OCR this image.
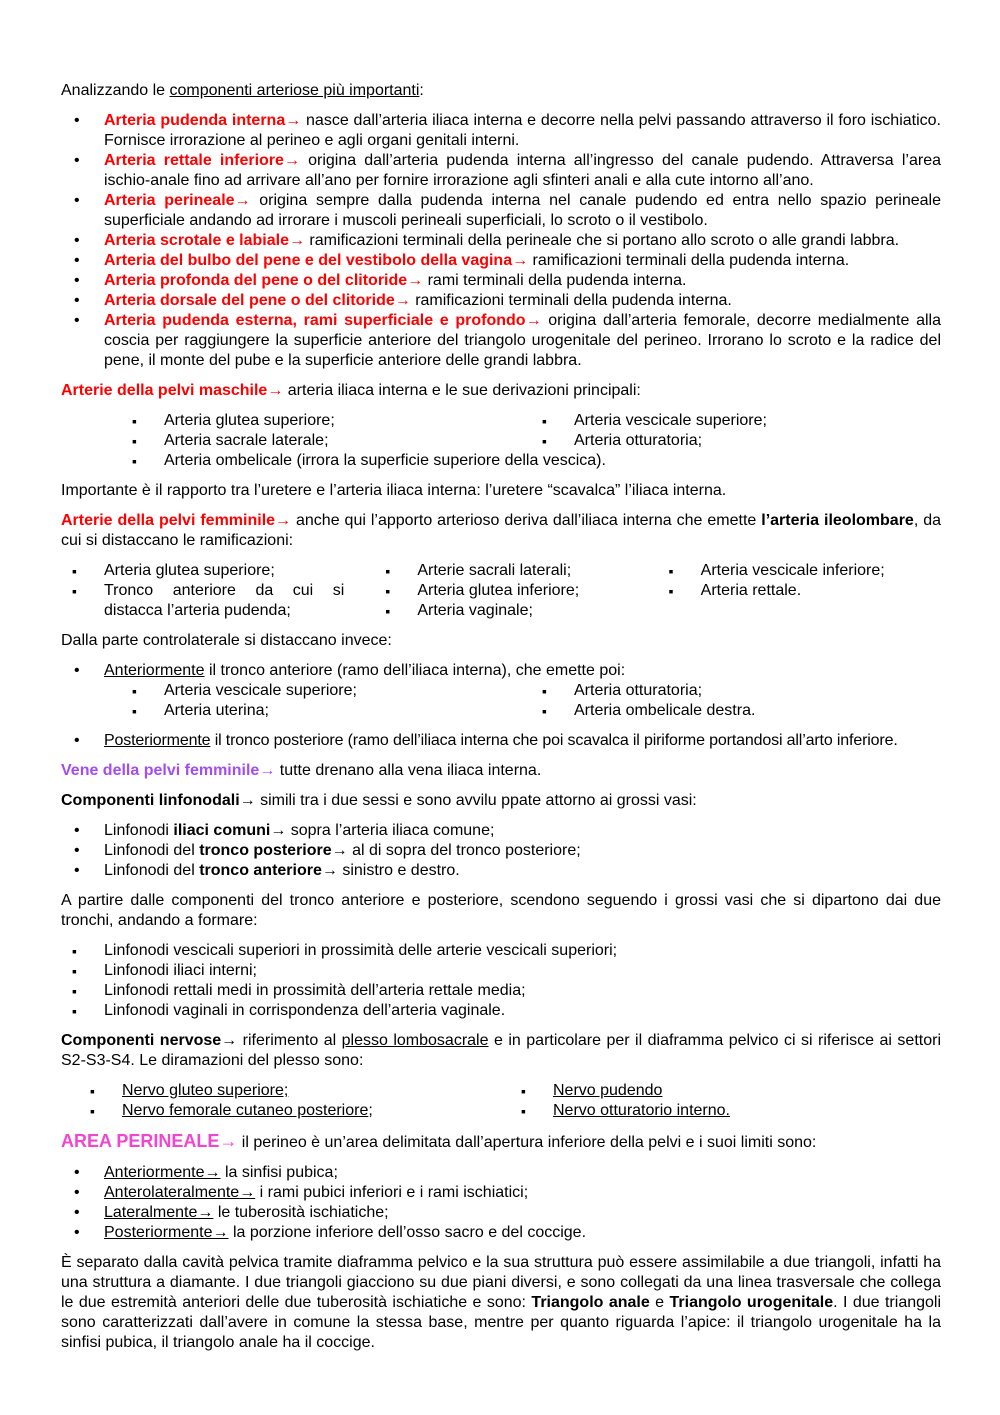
Analizzando le componenti arteriose più importanti:

• Arteria pudenda interna→ nasce dall’arteria iliaca interna e decorre nella pelvi passando attraverso il foro ischiatico. Fornisce irrorazione al perineo e agli organi genitali interni.
• Arteria rettale inferiore→ origina dall’arteria pudenda interna all’ingresso del canale pudendo. Attraversa l’area ischio-anale fino ad arrivare all’ano per fornire irrorazione agli sfinteri anali e alla cute intorno all’ano.
• Arteria perineale→ origina sempre dalla pudenda interna nel canale pudendo ed entra nello spazio perineale superficiale andando ad irrorare i muscoli perineali superficiali, lo scroto o il vestibolo.
• Arteria scrotale e labiale→ ramificazioni terminali della perineale che si portano allo scroto o alle grandi labbra.
• Arteria del bulbo del pene e del vestibolo della vagina→ ramificazioni terminali della pudenda interna.
• Arteria profonda del pene o del clitoride→ rami terminali della pudenda interna.
• Arteria dorsale del pene o del clitoride→ ramificazioni terminali della pudenda interna.
• Arteria pudenda esterna, rami superficiale e profondo→ origina dall’arteria femorale, decorre medialmente alla coscia per raggiungere la superficie anteriore del triangolo urogenitale del perineo. Irrorano lo scroto e la radice del pene, il monte del pube e la superficie anteriore delle grandi labbra.

Arterie della pelvi maschile→ arteria iliaca interna e le sue derivazioni principali:

▪ Arteria glutea superiore;
▪ Arteria sacrale laterale;
▪ Arteria vescicale superiore;
▪ Arteria otturatoria;
▪ Arteria ombelicale (irrora la superficie superiore della vescica).

Importante è il rapporto tra l’uretere e l’arteria iliaca interna: l’uretere “scavalca” l’iliaca interna.

Arterie della pelvi femminile→ anche qui l’apporto arterioso deriva dall’iliaca interna che emette l’arteria ileolombare, da cui si distaccano le ramificazioni:

▪ Arteria glutea superiore;
▪ Tronco anteriore da cui si distacca l’arteria pudenda;
▪ Arterie sacrali laterali;
▪ Arteria glutea inferiore;
▪ Arteria vaginale;
▪ Arteria vescicale inferiore;
▪ Arteria rettale.

Dalla parte controlaterale si distaccano invece:

• Anteriormente il tronco anteriore (ramo dell’iliaca interna), che emette poi:
▪ Arteria vescicale superiore;
▪ Arteria uterina;
▪ Arteria otturatoria;
▪ Arteria ombelicale destra.
• Posteriormente il tronco posteriore (ramo dell’iliaca interna che poi scavalca il piriforme portandosi all’arto inferiore.

Vene della pelvi femminile→ tutte drenano alla vena iliaca interna.

Componenti linfonodali→ simili tra i due sessi e sono avvilu ppate attorno ai grossi vasi:

• Linfonodi iliaci comuni→ sopra l’arteria iliaca comune;
• Linfonodi del tronco posteriore→ al di sopra del tronco posteriore;
• Linfonodi del tronco anteriore→ sinistro e destro.

A partire dalle componenti del tronco anteriore e posteriore, scendono seguendo i grossi vasi che si dipartono dai due tronchi, andando a formare:

▪ Linfonodi vescicali superiori in prossimità delle arterie vescicali superiori;
▪ Linfonodi iliaci interni;
▪ Linfonodi rettali medi in prossimità dell’arteria rettale media;
▪ Linfonodi vaginali in corrispondenza dell’arteria vaginale.

Componenti nervose→ riferimento al plesso lombosacrale e in particolare per il diaframma pelvico ci si riferisce ai settori S2-S3-S4. Le diramazioni del plesso sono:

▪ Nervo gluteo superiore;
▪ Nervo femorale cutaneo posteriore;
▪ Nervo pudendo
▪ Nervo otturatorio interno.

AREA PERINEALE→ il perineo è un’area delimitata dall’apertura inferiore della pelvi e i suoi limiti sono:

• Anteriormente→ la sinfisi pubica;
• Anterolateralmente→ i rami pubici inferiori e i rami ischiatici;
• Lateralmente→ le tuberosità ischiatiche;
• Posteriormente→ la porzione inferiore dell’osso sacro e del coccige.

È separato dalla cavità pelvica tramite diaframma pelvico e la sua struttura può essere assimilabile a due triangoli, infatti ha una struttura a diamante. I due triangoli giacciono su due piani diversi, e sono collegati da una linea trasversale che collega le due estremità anteriori delle due tuberosità ischiatiche e sono: Triangolo anale e Triangolo urogenitale. I due triangoli sono caratterizzati dall’avere in comune la stessa base, mentre per quanto riguarda l’apice: il triangolo urogenitale ha la sinfisi pubica, il triangolo anale ha il coccige.
